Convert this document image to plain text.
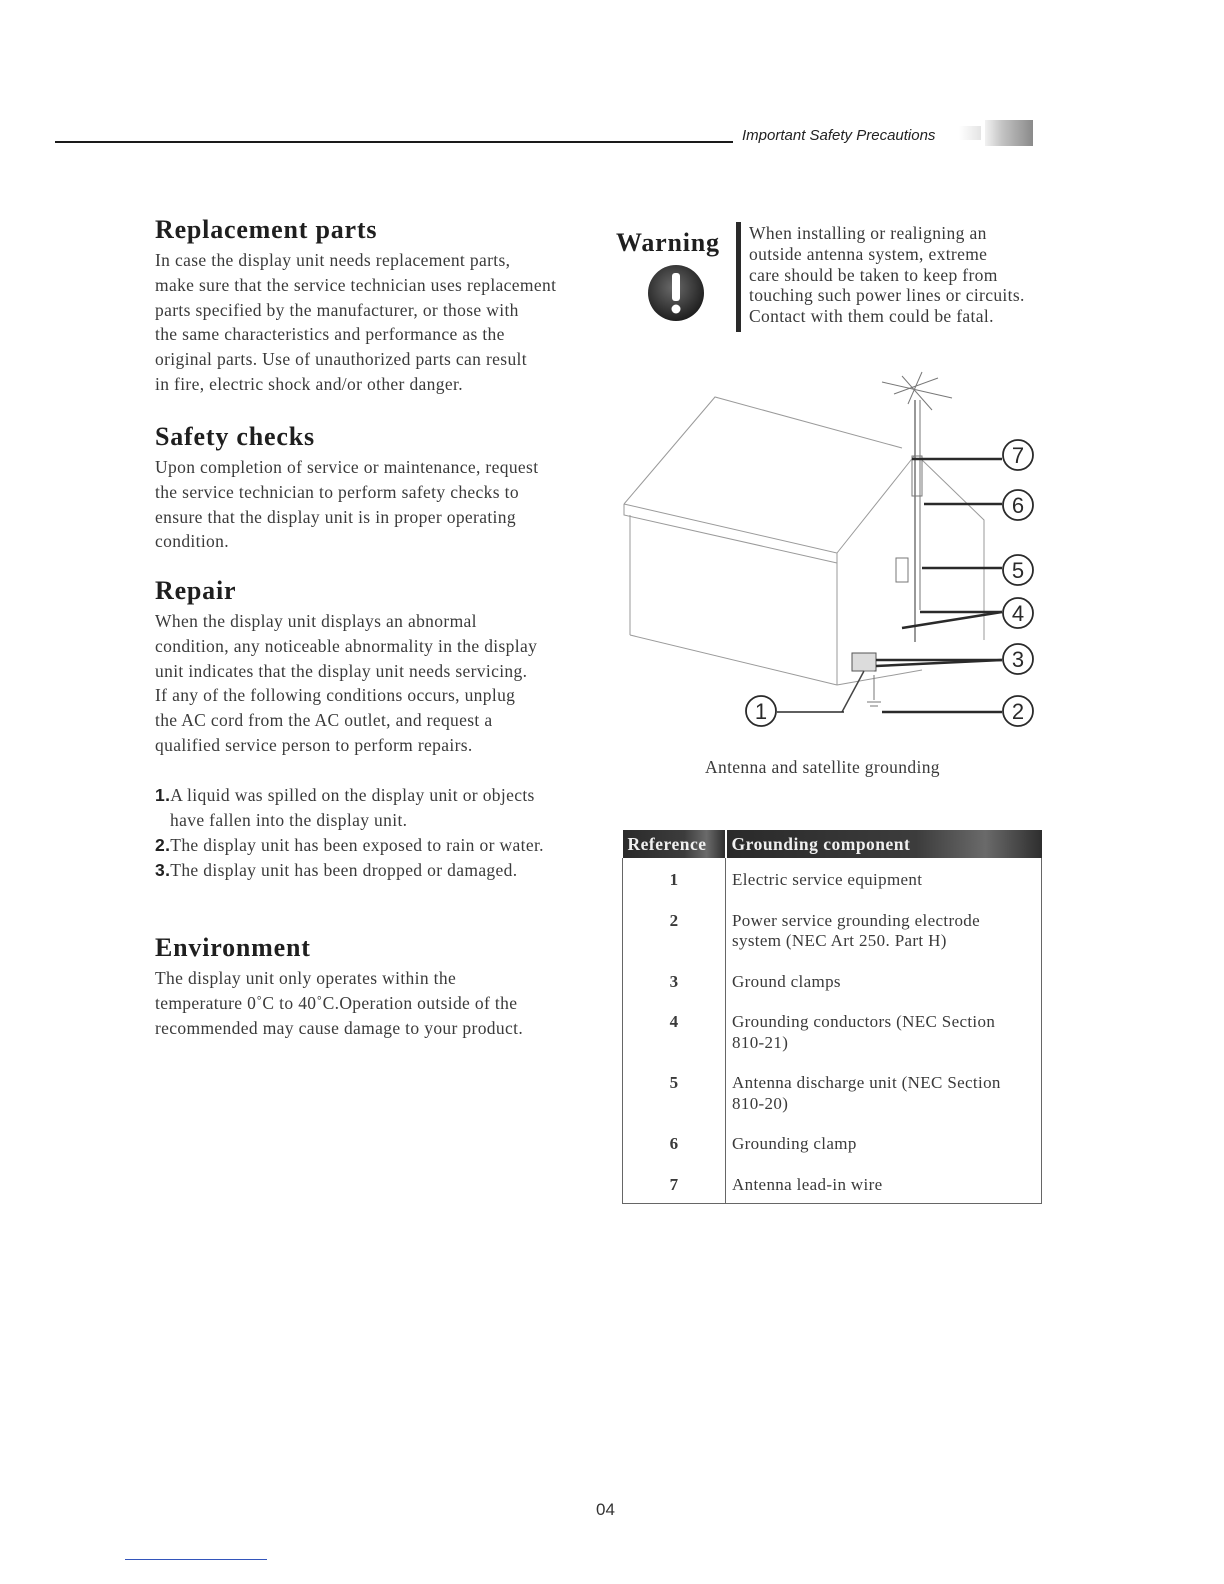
Important Safety Precautions
Replacement parts
In case the display unit needs replacement parts,
make sure that the service technician uses replacement
parts specified by the manufacturer, or those with
the same characteristics and performance as the
original parts. Use of unauthorized parts can result
in fire, electric shock and/or other danger.
Safety checks
Upon completion of service or maintenance, request
the service technician to perform safety checks to
ensure that the display unit is in proper operating
condition.
Repair
When the display unit displays an abnormal
condition, any noticeable abnormality in the display
unit indicates that the display unit needs servicing.
If any of the following conditions occurs, unplug
the AC cord from the AC outlet, and request a
qualified service person to perform repairs.
1.A liquid was spilled on the display unit or objects
have fallen into the display unit.
2.The display unit has been exposed to rain or water.
3.The display unit has been dropped or damaged.
Environment
The display unit only operates within the
temperature 0˚C to 40˚C.Operation outside of the
recommended may cause damage to your product.
Warning When installing or realigning an
outside antenna system, extreme
care should be taken to keep from
touching such power lines or circuits.
Contact with them could be fatal.
7
6
5
4
3
2
1
Antenna and satellite grounding
Reference	Grounding component
1	Electric service equipment
2	Power service grounding electrode
system (NEC Art 250. Part H)
3	Ground clamps
4	Grounding conductors (NEC Section
810-21)
5	Antenna discharge unit (NEC Section
810-20)
6	Grounding clamp
7	Antenna lead-in wire
04
